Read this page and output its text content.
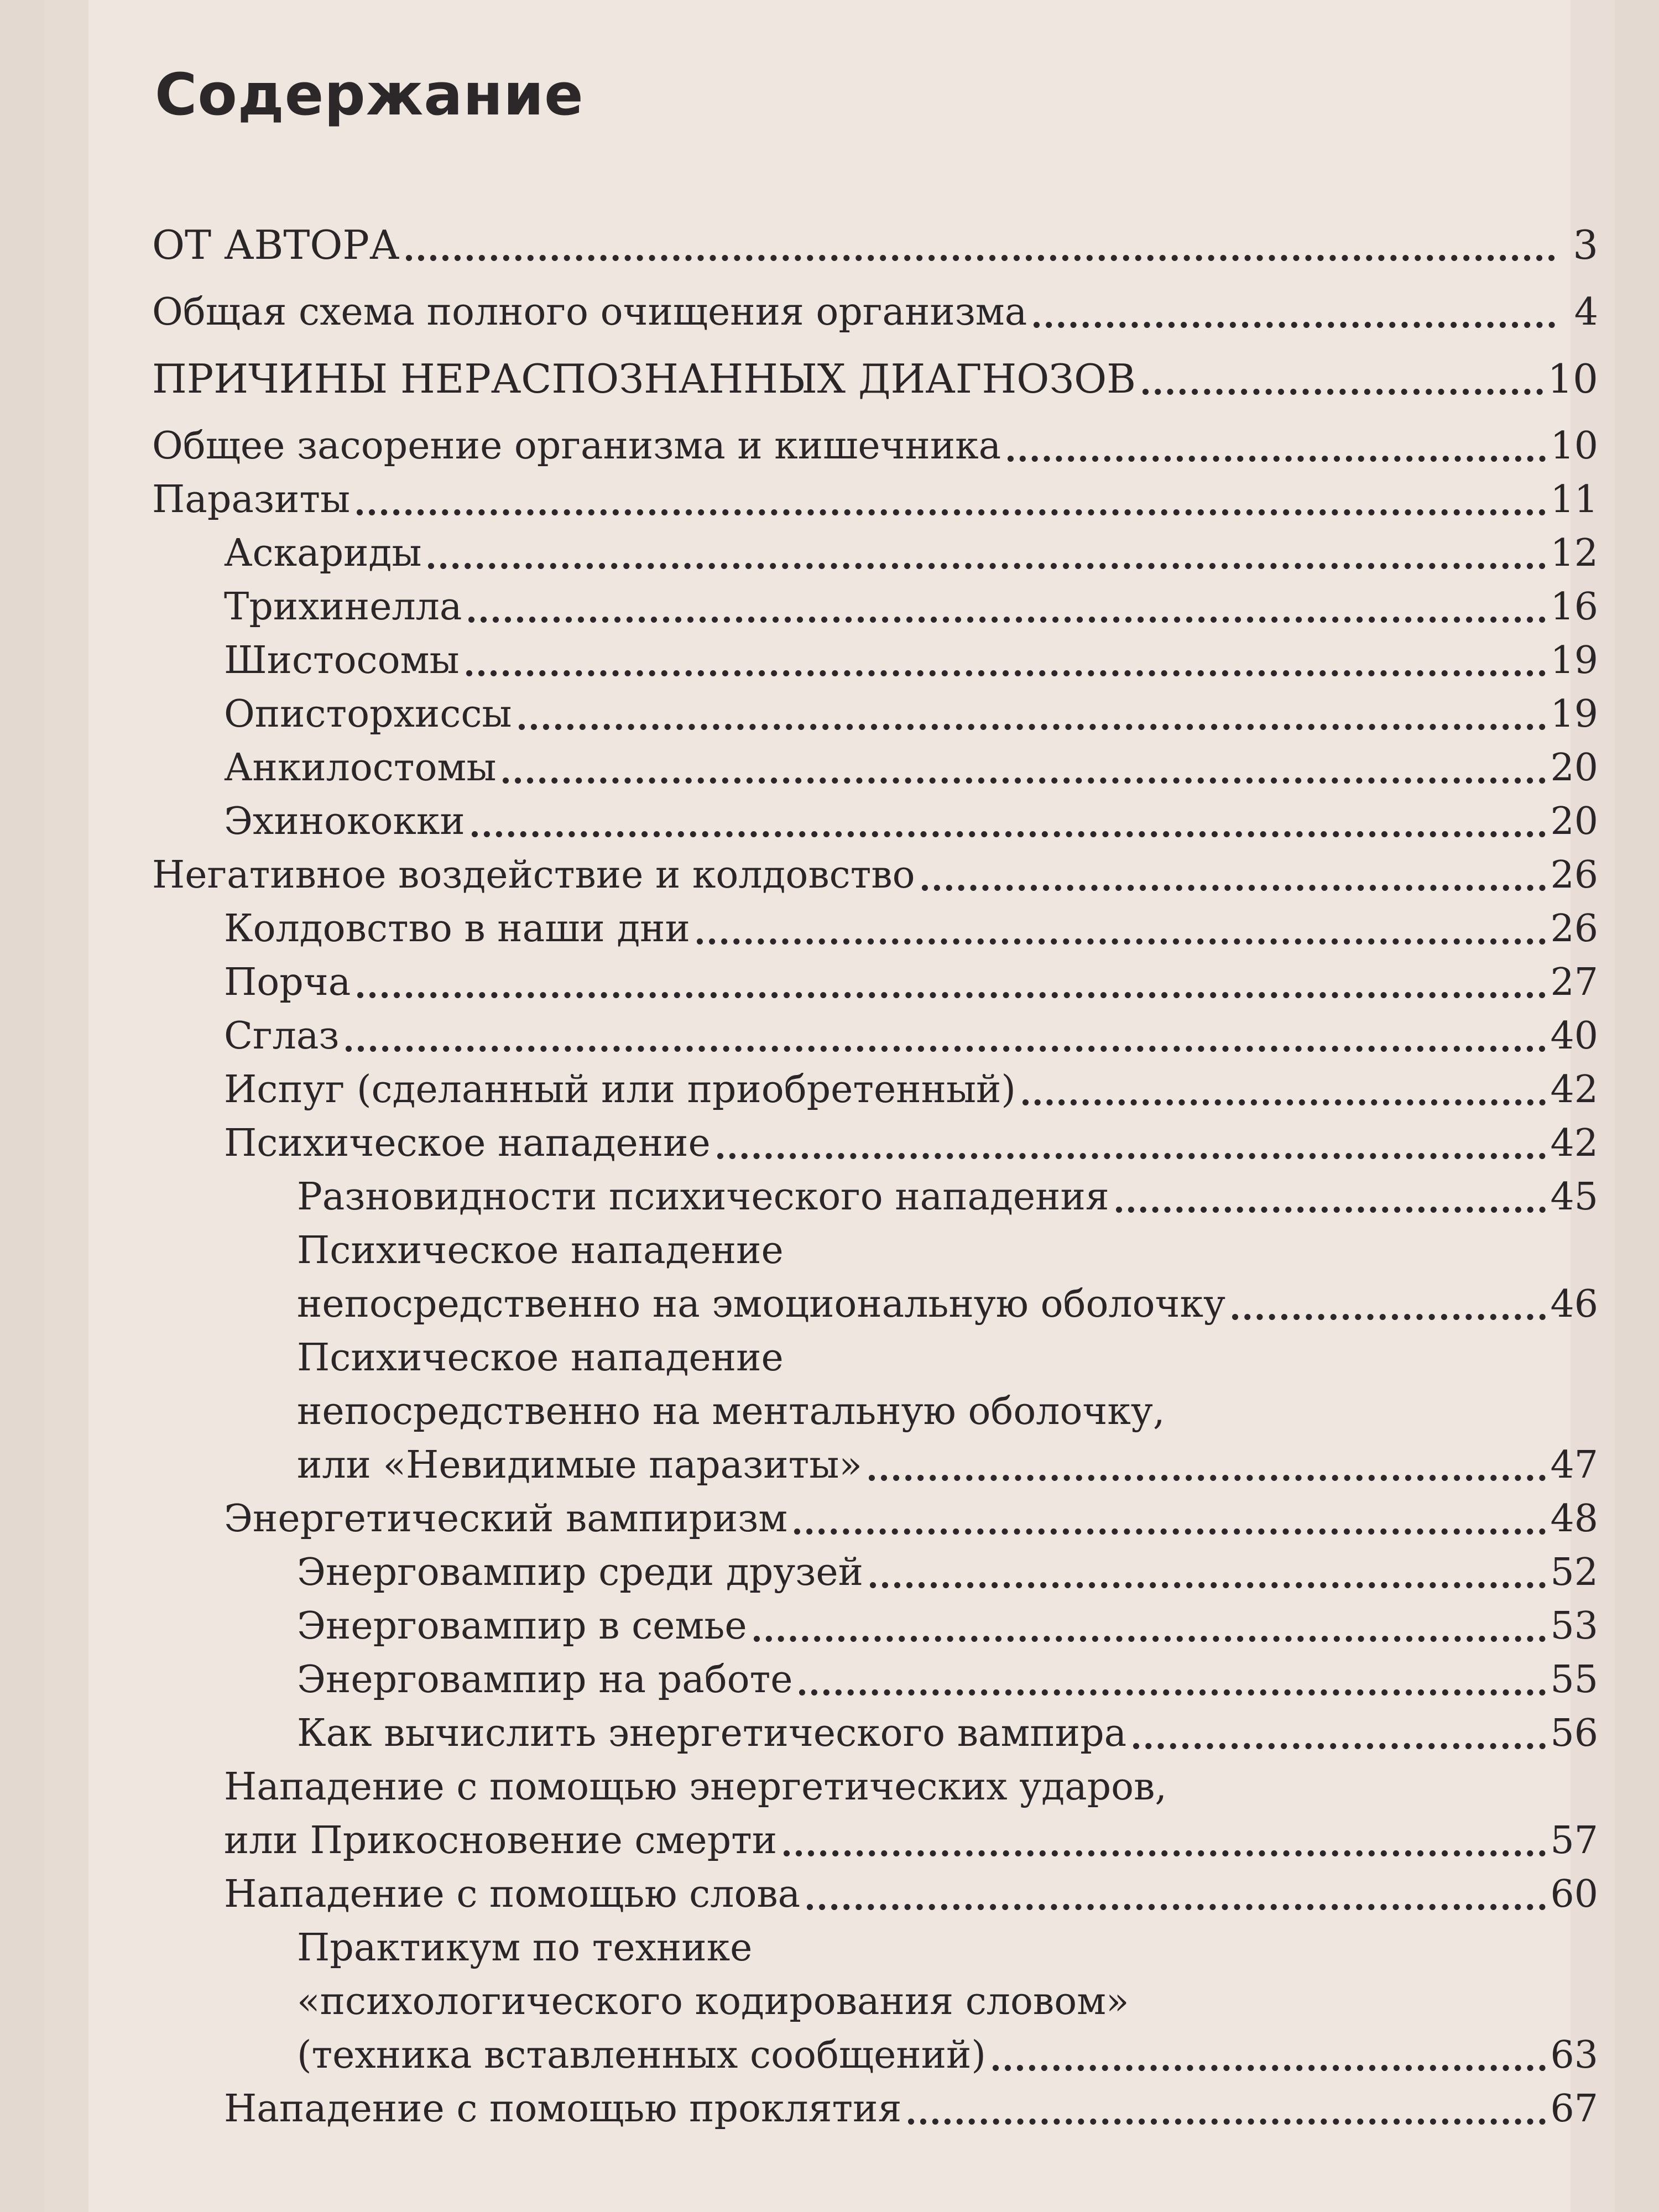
Содержание
ОТ АВТОРА	3
Общая схема полного очищения организма	4
ПРИЧИНЫ НЕРАСПОЗНАННЫХ ДИАГНОЗОВ	10
Общее засорение организма и кишечника	10
Паразиты	11
Аскариды	12
Трихинелла	16
Шистосомы	19
Описторхиссы	19
Анкилостомы	20
Эхинококки	20
Негативное воздействие и колдовство	26
Колдовство в наши дни	26
Порча	27
Сглаз	40
Испуг (сделанный или приобретенный)	42
Психическое нападение	42
Разновидности психического нападения	45
Психическое нападение
непосредственно на эмоциональную оболочку	46
Психическое нападение
непосредственно на ментальную оболочку,
или «Невидимые паразиты»	47
Энергетический вампиризм	48
Энерговампир среди друзей	52
Энерговампир в семье	53
Энерговампир на работе	55
Как вычислить энергетического вампира	56
Нападение с помощью энергетических ударов,
или Прикосновение смерти	57
Нападение с помощью слова	60
Практикум по технике
«психологического кодирования словом»
(техника вставленных сообщений)	63
Нападение с помощью проклятия	67
